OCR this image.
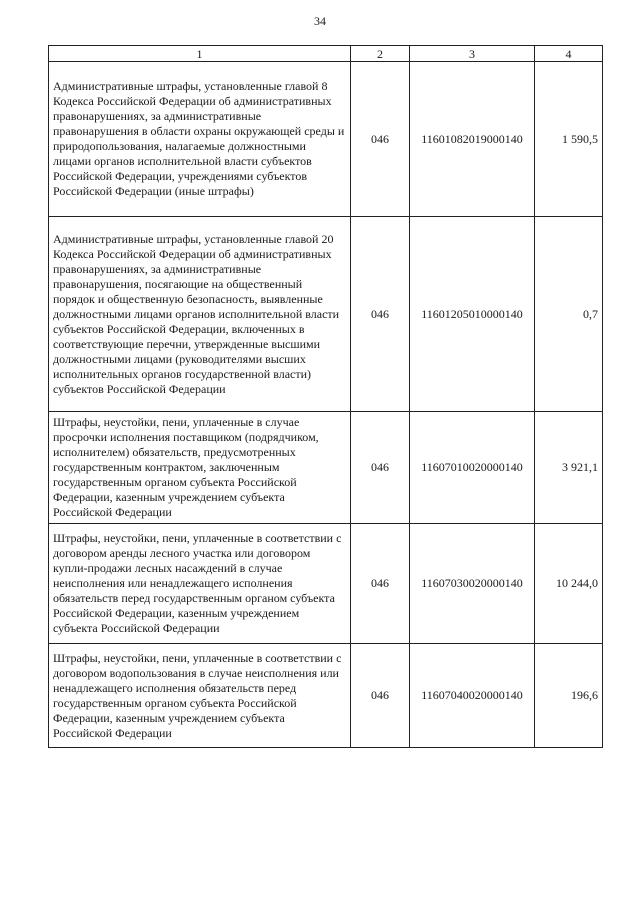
34
1	2	3	4
Административные штрафы, установленные главой 8 Кодекса Российской Федерации об административных правонарушениях, за административные правонарушения в области охраны окружающей среды и природопользования, налагаемые должностными лицами органов исполнительной власти субъектов Российской Федерации, учреждениями субъектов Российской Федерации (иные штрафы)	046	11601082019000140	1 590,5
Административные штрафы, установленные главой 20 Кодекса Российской Федерации об административных правонарушениях, за административные правонарушения, посягающие на общественный порядок и общественную безопасность, выявленные должностными лицами органов исполнительной власти субъектов Российской Федерации, включенных в соответствующие перечни, утвержденные высшими должностными лицами (руководителями высших исполнительных органов государственной власти) субъектов Российской Федерации	046	11601205010000140	0,7
Штрафы, неустойки, пени, уплаченные в случае просрочки исполнения поставщиком (подрядчиком, исполнителем) обязательств, предусмотренных государственным контрактом, заключенным государственным органом субъекта Российской Федерации, казенным учреждением субъекта Российской Федерации	046	11607010020000140	3 921,1
Штрафы, неустойки, пени, уплаченные в соответствии с договором аренды лесного участка или договором купли-продажи лесных насаждений в случае неисполнения или ненадлежащего исполнения обязательств перед государственным органом субъекта Российской Федерации, казенным учреждением субъекта Российской Федерации	046	11607030020000140	10 244,0
Штрафы, неустойки, пени, уплаченные в соответствии с договором водопользования в случае неисполнения или ненадлежащего исполнения обязательств перед государственным органом субъекта Российской Федерации, казенным учреждением субъекта Российской Федерации	046	11607040020000140	196,6
